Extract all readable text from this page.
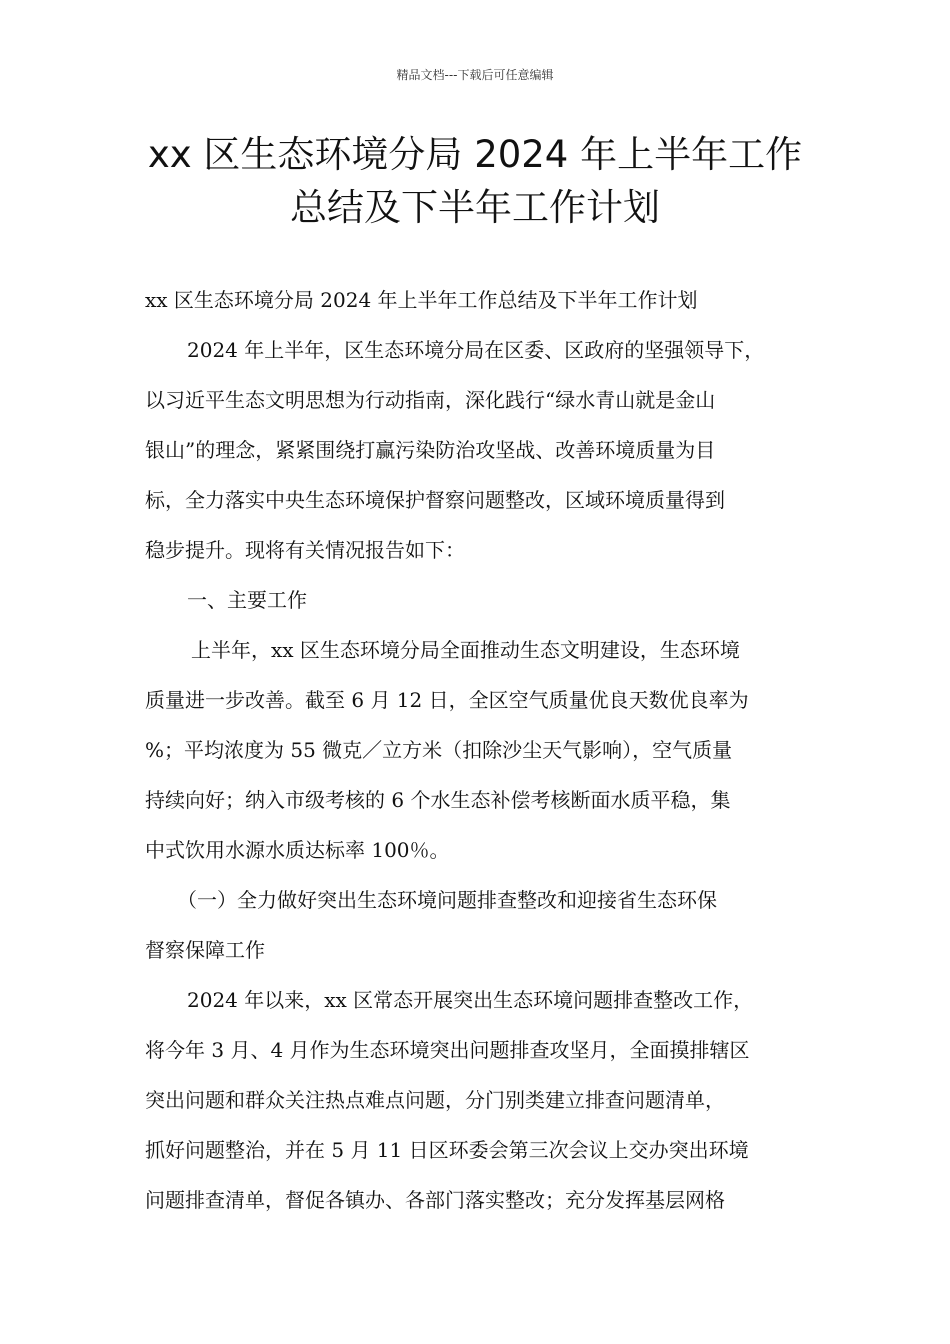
精品文档---下载后可任意编辑
xx 区生态环境分局 2024 年上半年工作
总结及下半年工作计划
xx 区生态环境分局 2024 年上半年工作总结及下半年工作计划
2024 年上半年，区生态环境分局在区委、区政府的坚强领导下，
以习近平生态文明思想为行动指南，深化践行“绿水青山就是金山
银山”的理念，紧紧围绕打赢污染防治攻坚战、改善环境质量为目
标，全力落实中央生态环境保护督察问题整改，区域环境质量得到
稳步提升。现将有关情况报告如下：
一、主要工作
上半年，xx 区生态环境分局全面推动生态文明建设，生态环境
质量进一步改善。截至 6 月 12 日，全区空气质量优良天数优良率为
%；平均浓度为 55 微克／立方米（扣除沙尘天气影响），空气质量
持续向好；纳入市级考核的 6 个水生态补偿考核断面水质平稳，集
中式饮用水源水质达标率 100％。
（一）全力做好突出生态环境问题排查整改和迎接省生态环保
督察保障工作
2024 年以来，xx 区常态开展突出生态环境问题排查整改工作，
将今年 3 月、4 月作为生态环境突出问题排查攻坚月，全面摸排辖区
突出问题和群众关注热点难点问题，分门别类建立排查问题清单，
抓好问题整治，并在 5 月 11 日区环委会第三次会议上交办突出环境
问题排查清单，督促各镇办、各部门落实整改；充分发挥基层网格
